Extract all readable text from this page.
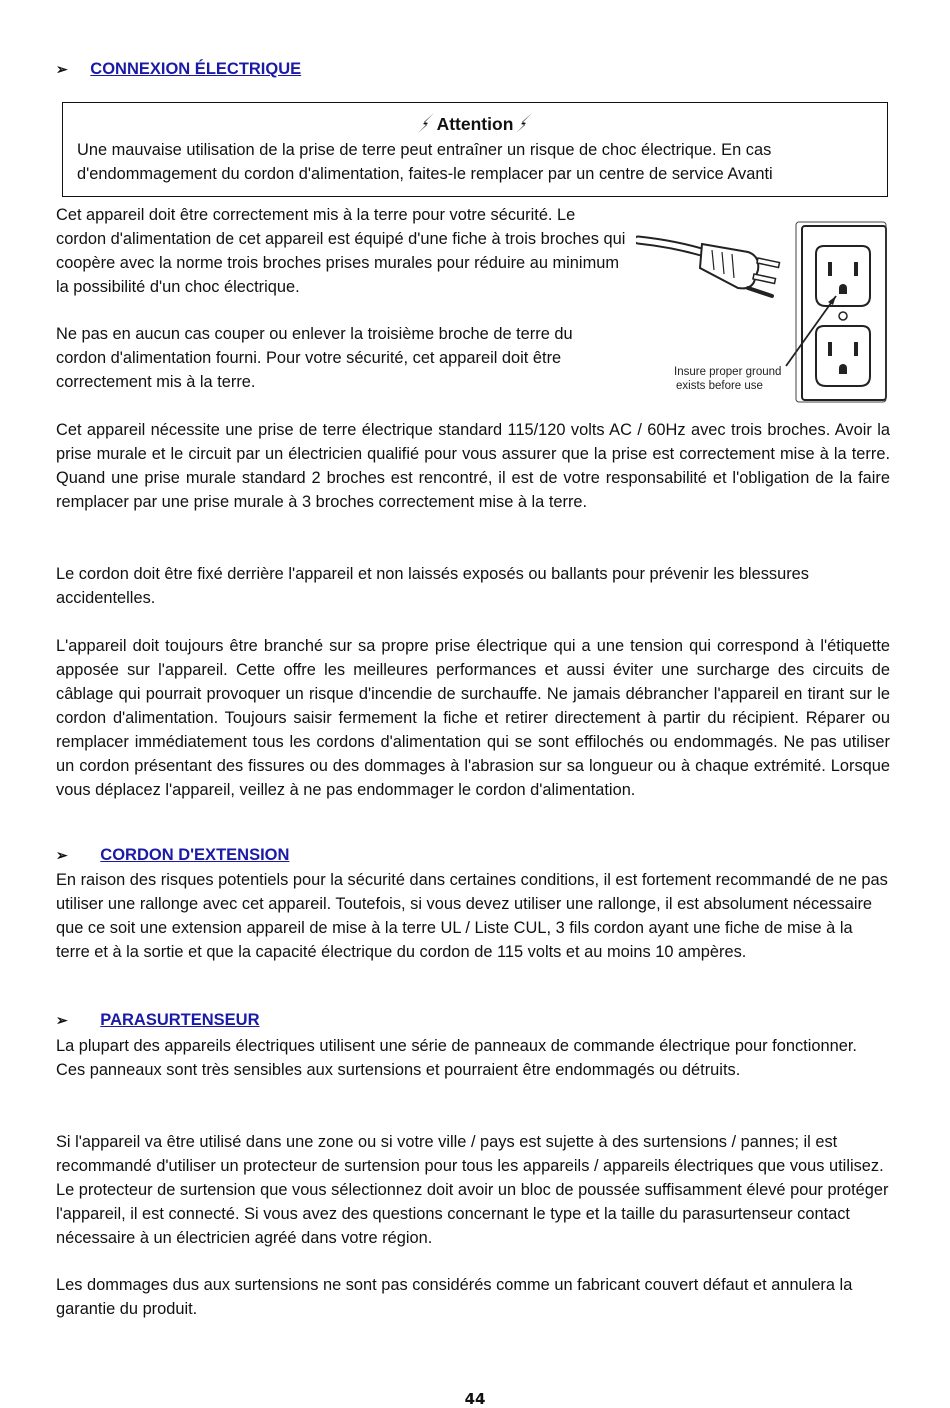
➢ CONNEXION ÉLECTRIQUE
Attention

Une mauvaise utilisation de la prise de terre peut entraîner un risque de choc électrique. En cas d'endommagement du cordon d'alimentation, faites-le remplacer par un centre de service Avanti

Cet appareil doit être correctement mis à la terre pour votre sécurité. Le cordon d'alimentation de cet appareil est équipé d'une fiche à trois broches qui coopère avec la norme trois broches prises murales pour réduire au minimum la possibilité d'un choc électrique.

Ne pas en aucun cas couper ou enlever la troisième broche de terre du cordon d'alimentation fourni. Pour votre sécurité, cet appareil doit être correctement mis à la terre.

Insure proper ground
exists before use

Cet appareil nécessite une prise de terre électrique standard 115/120 volts AC / 60Hz avec trois broches. Avoir la prise murale et le circuit par un électricien qualifié pour vous assurer que la prise est correctement mise à la terre. Quand une prise murale standard 2 broches est rencontré, il est de votre responsabilité et l'obligation de la faire remplacer par une prise murale à 3 broches correctement mise à la terre.

Le cordon doit être fixé derrière l'appareil et non laissés exposés ou ballants pour prévenir les blessures accidentelles.

L'appareil doit toujours être branché sur sa propre prise électrique qui a une tension qui correspond à l'étiquette apposée sur l'appareil. Cette offre les meilleures performances et aussi éviter une surcharge des circuits de câblage qui pourrait provoquer un risque d'incendie de surchauffe. Ne jamais débrancher l'appareil en tirant sur le cordon d'alimentation. Toujours saisir fermement la fiche et retirer directement à partir du récipient. Réparer ou remplacer immédiatement tous les cordons d'alimentation qui se sont effilochés ou endommagés. Ne pas utiliser un cordon présentant des fissures ou des dommages à l'abrasion sur sa longueur ou à chaque extrémité. Lorsque vous déplacez l'appareil, veillez à ne pas endommager le cordon d'alimentation.

➢ CORDON D'EXTENSION

En raison des risques potentiels pour la sécurité dans certaines conditions, il est fortement recommandé de ne pas utiliser une rallonge avec cet appareil. Toutefois, si vous devez utiliser une rallonge, il est absolument nécessaire que ce soit une extension appareil de mise à la terre UL / Liste CUL, 3 fils cordon ayant une fiche de mise à la terre et à la sortie et que la capacité électrique du cordon de 115 volts et au moins 10 ampères.

➢ PARASURTENSEUR

La plupart des appareils électriques utilisent une série de panneaux de commande électrique pour fonctionner. Ces panneaux sont très sensibles aux surtensions et pourraient être endommagés ou détruits.

Si l'appareil va être utilisé dans une zone ou si votre ville / pays est sujette à des surtensions / pannes; il est recommandé d'utiliser un protecteur de surtension pour tous les appareils / appareils électriques que vous utilisez. Le protecteur de surtension que vous sélectionnez doit avoir un bloc de poussée suffisamment élevé pour protéger l'appareil, il est connecté. Si vous avez des questions concernant le type et la taille du parasurtenseur contact nécessaire à un électricien agréé dans votre région.

Les dommages dus aux surtensions ne sont pas considérés comme un fabricant couvert défaut et annulera la garantie du produit.

44
